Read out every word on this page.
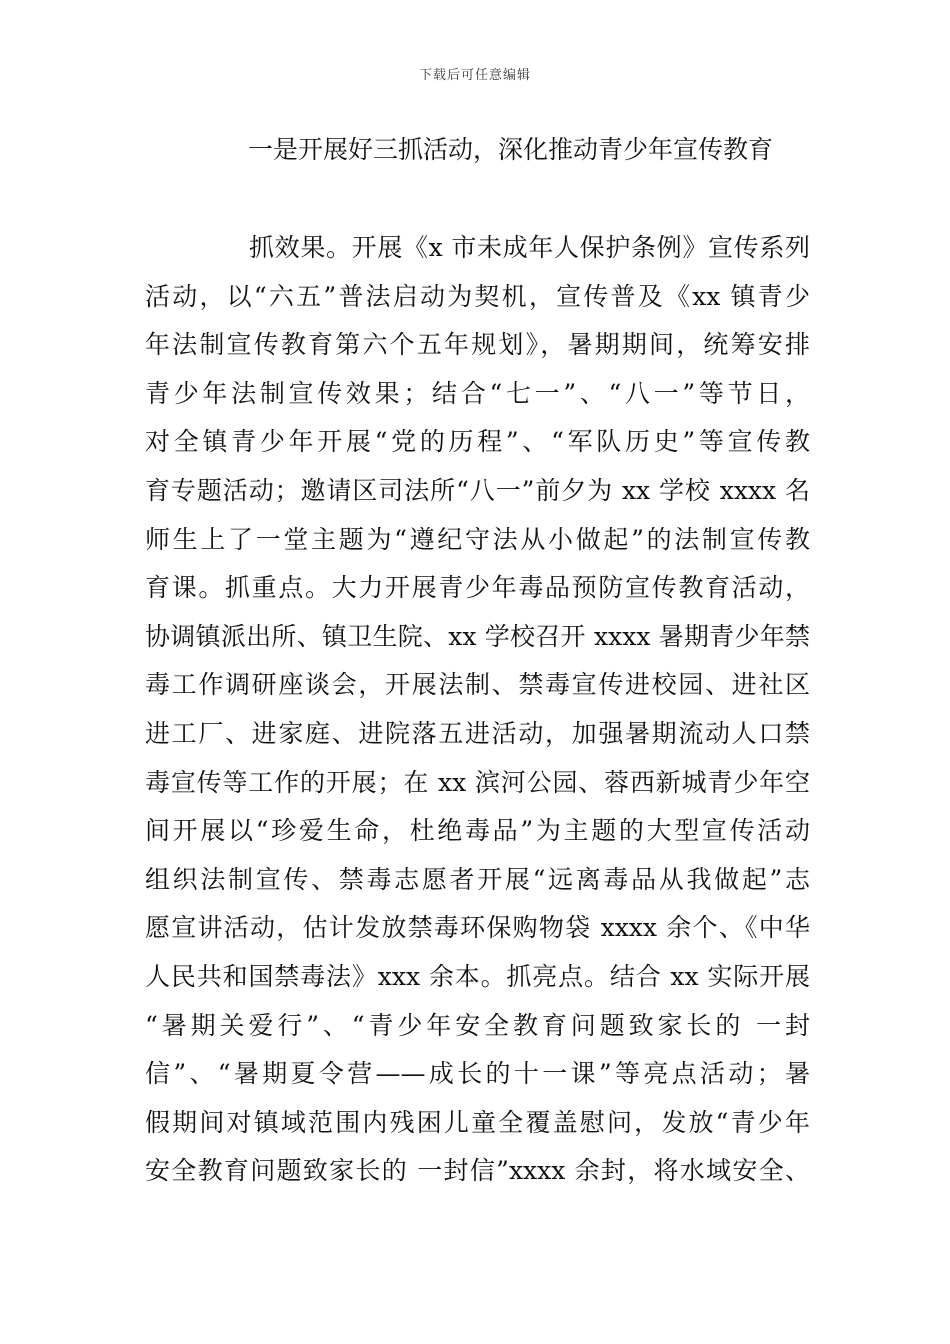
下载后可任意编辑
一是开展好三抓活动，深化推动青少年宣传教育
抓效果。开展《x 市未成年人保护条例》宣传系列
活动，以“六五”普法启动为契机，宣传普及《xx 镇青少
年法制宣传教育第六个五年规划》，暑期期间，统筹安排
青少年法制宣传效果；结合“七一”、“八一”等节日，
对全镇青少年开展“党的历程”、“军队历史”等宣传教
育专题活动；邀请区司法所“八一”前夕为 xx 学校 xxxx 名
师生上了一堂主题为“遵纪守法从小做起”的法制宣传教
育课。抓重点。大力开展青少年毒品预防宣传教育活动，
协调镇派出所、镇卫生院、xx 学校召开 xxxx 暑期青少年禁
毒工作调研座谈会，开展法制、禁毒宣传进校园、进社区
进工厂、进家庭、进院落五进活动，加强暑期流动人口禁
毒宣传等工作的开展；在 xx 滨河公园、蓉西新城青少年空
间开展以“珍爱生命，杜绝毒品”为主题的大型宣传活动
组织法制宣传、禁毒志愿者开展“远离毒品从我做起”志
愿宣讲活动，估计发放禁毒环保购物袋 xxxx 余个、《中华
人民共和国禁毒法》xxx 余本。抓亮点。结合 xx 实际开展
“暑期关爱行”、“青少年安全教育问题致家长的 一封
信”、“暑期夏令营——成长的十一课”等亮点活动；暑
假期间对镇域范围内残困儿童全覆盖慰问，发放“青少年
安全教育问题致家长的 一封信”xxxx 余封，将水域安全、
